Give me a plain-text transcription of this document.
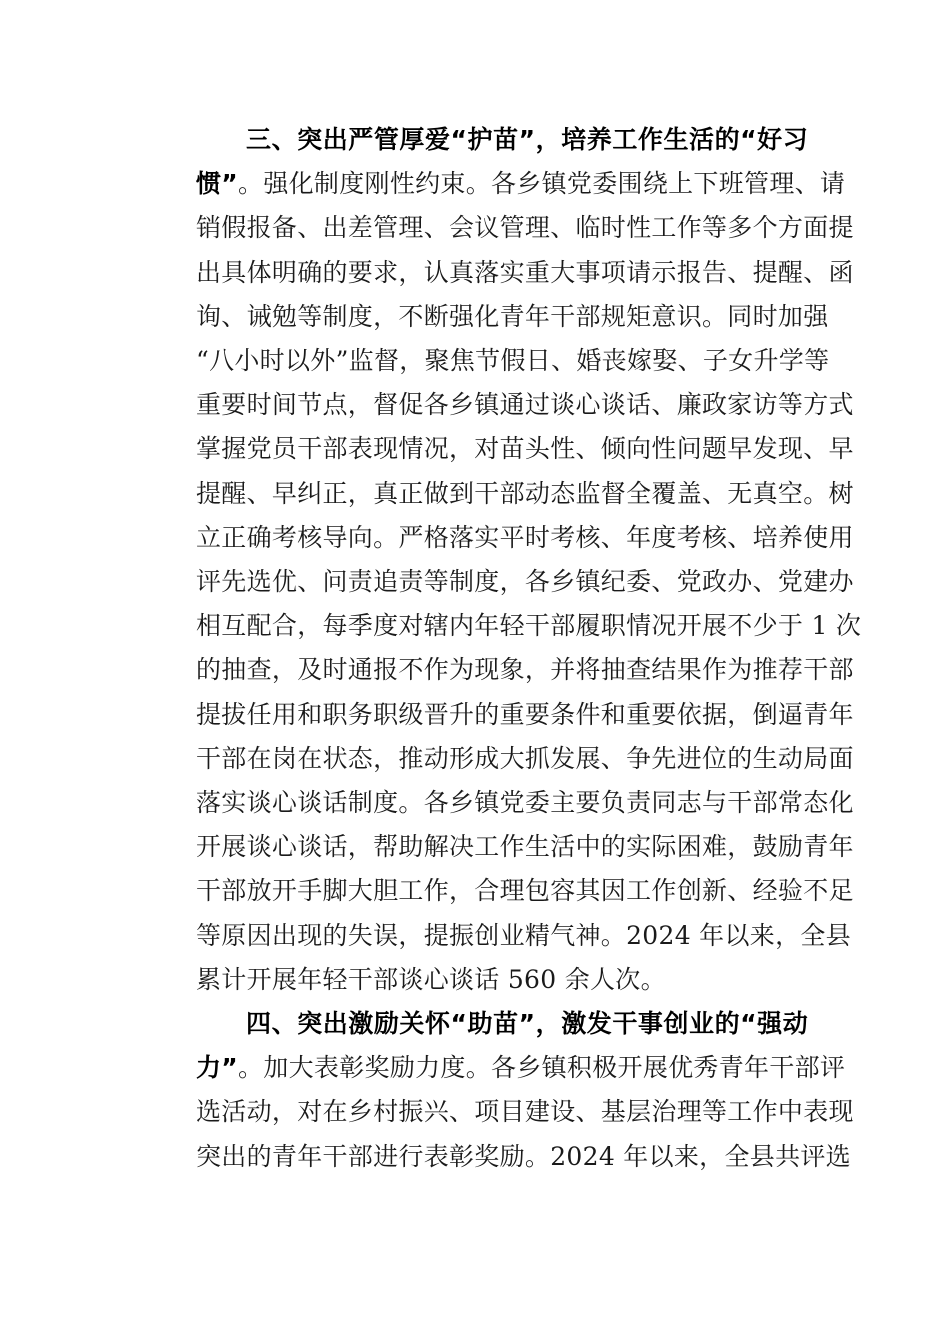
三、突出严管厚爱“护苗”，培养工作生活的“好习
惯”。强化制度刚性约束。各乡镇党委围绕上下班管理、请
销假报备、出差管理、会议管理、临时性工作等多个方面提
出具体明确的要求，认真落实重大事项请示报告、提醒、函
询、诫勉等制度，不断强化青年干部规矩意识。同时加强
“八小时以外”监督，聚焦节假日、婚丧嫁娶、子女升学等
重要时间节点，督促各乡镇通过谈心谈话、廉政家访等方式
掌握党员干部表现情况，对苗头性、倾向性问题早发现、早
提醒、早纠正，真正做到干部动态监督全覆盖、无真空。树
立正确考核导向。严格落实平时考核、年度考核、培养使用
评先选优、问责追责等制度，各乡镇纪委、党政办、党建办
相互配合，每季度对辖内年轻干部履职情况开展不少于 1 次
的抽查，及时通报不作为现象，并将抽查结果作为推荐干部
提拔任用和职务职级晋升的重要条件和重要依据，倒逼青年
干部在岗在状态，推动形成大抓发展、争先进位的生动局面
落实谈心谈话制度。各乡镇党委主要负责同志与干部常态化
开展谈心谈话，帮助解决工作生活中的实际困难，鼓励青年
干部放开手脚大胆工作，合理包容其因工作创新、经验不足
等原因出现的失误，提振创业精气神。2024 年以来，全县
累计开展年轻干部谈心谈话 560 余人次。
四、突出激励关怀“助苗”，激发干事创业的“强动
力”。加大表彰奖励力度。各乡镇积极开展优秀青年干部评
选活动，对在乡村振兴、项目建设、基层治理等工作中表现
突出的青年干部进行表彰奖励。2024 年以来，全县共评选
